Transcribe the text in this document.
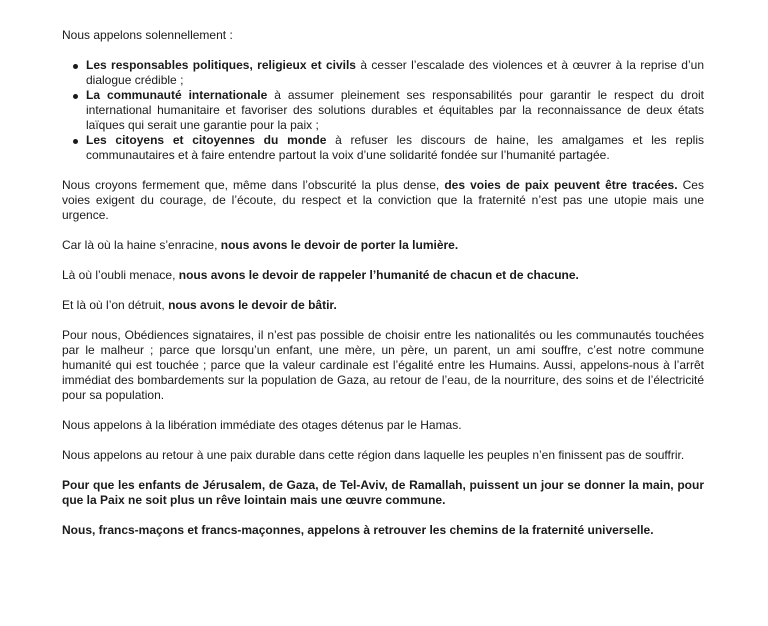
Nous appelons solennellement :

Les responsables politiques, religieux et civils à cesser l’escalade des violences et à œuvrer à la reprise d’un dialogue crédible ;
La communauté internationale à assumer pleinement ses responsabilités pour garantir le respect du droit international humanitaire et favoriser des solutions durables et équitables par la reconnaissance de deux états laïques qui serait une garantie pour la paix ;
Les citoyens et citoyennes du monde à refuser les discours de haine, les amalgames et les replis communautaires et à faire entendre partout la voix d’une solidarité fondée sur l’humanité partagée.

Nous croyons fermement que, même dans l’obscurité la plus dense, des voies de paix peuvent être tracées. Ces voies exigent du courage, de l’écoute, du respect et la conviction que la fraternité n’est pas une utopie mais une urgence.

Car là où la haine s’enracine, nous avons le devoir de porter la lumière.

Là où l’oubli menace, nous avons le devoir de rappeler l’humanité de chacun et de chacune.

Et là où l’on détruit, nous avons le devoir de bâtir.

Pour nous, Obédiences signataires, il n’est pas possible de choisir entre les nationalités ou les communautés touchées par le malheur ; parce que lorsqu’un enfant, une mère, un père, un parent, un ami souffre, c’est notre commune humanité qui est touchée ; parce que la valeur cardinale est l’égalité entre les Humains. Aussi, appelons-nous à l’arrêt immédiat des bombardements sur la population de Gaza, au retour de l’eau, de la nourriture, des soins et de l’électricité pour sa population.

Nous appelons à la libération immédiate des otages détenus par le Hamas.

Nous appelons au retour à une paix durable dans cette région dans laquelle les peuples n’en finissent pas de souffrir.

Pour que les enfants de Jérusalem, de Gaza, de Tel-Aviv, de Ramallah, puissent un jour se donner la main, pour que la Paix ne soit plus un rêve lointain mais une œuvre commune.

Nous, francs-maçons et francs-maçonnes, appelons à retrouver les chemins de la fraternité universelle.
